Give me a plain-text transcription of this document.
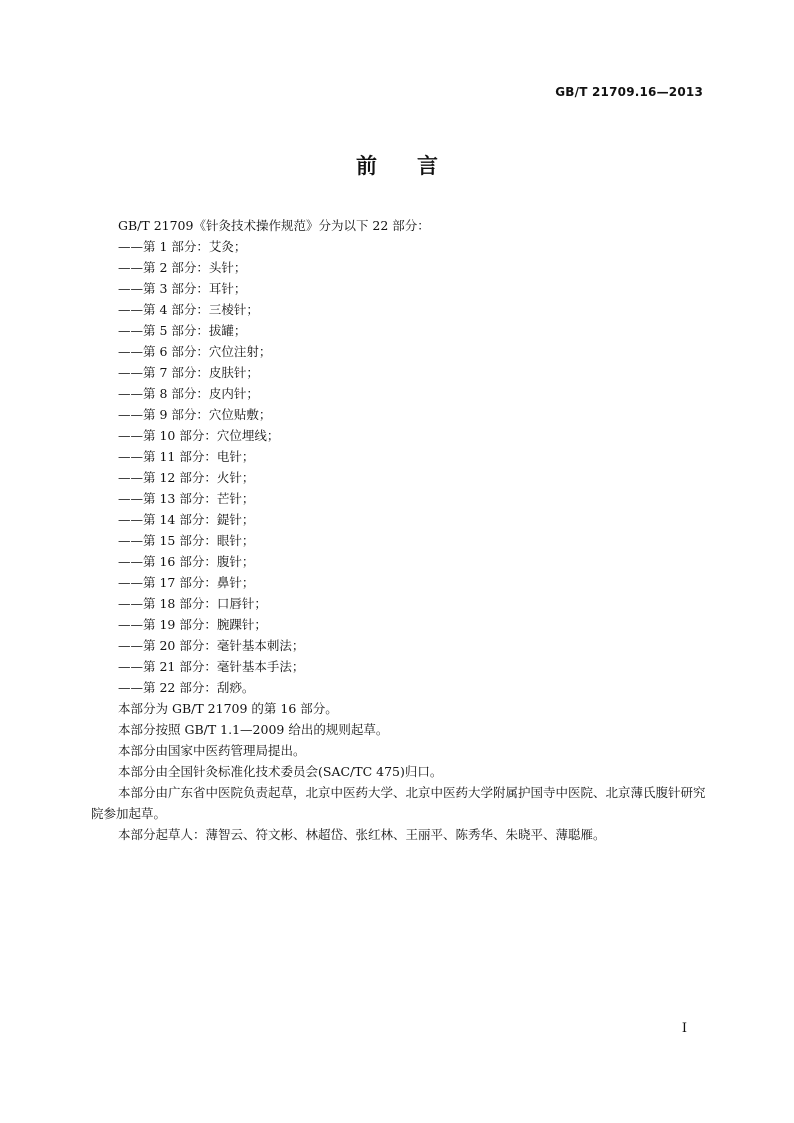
GB/T 21709.16—2013
前言

GB/T 21709《针灸技术操作规范》分为以下 22 部分：

——第 1 部分：艾灸；

——第 2 部分：头针；

——第 3 部分：耳针；

——第 4 部分：三棱针；

——第 5 部分：拔罐；

——第 6 部分：穴位注射；

——第 7 部分：皮肤针；

——第 8 部分：皮内针；

——第 9 部分：穴位贴敷；

——第 10 部分：穴位埋线；

——第 11 部分：电针；

——第 12 部分：火针；

——第 13 部分：芒针；

——第 14 部分：鍉针；

——第 15 部分：眼针；

——第 16 部分：腹针；

——第 17 部分：鼻针；

——第 18 部分：口唇针；

——第 19 部分：腕踝针；

——第 20 部分：毫针基本刺法；

——第 21 部分：毫针基本手法；

——第 22 部分：刮痧。

本部分为 GB/T 21709 的第 16 部分。

本部分按照 GB/T 1.1—2009 给出的规则起草。

本部分由国家中医药管理局提出。

本部分由全国针灸标准化技术委员会(SAC/TC 475)归口。

本部分由广东省中医院负责起草，北京中医药大学、北京中医药大学附属护国寺中医院、北京薄氏腹针研究院参加起草。

本部分起草人：薄智云、符文彬、林超岱、张红林、王丽平、陈秀华、朱晓平、薄聪雁。

I
